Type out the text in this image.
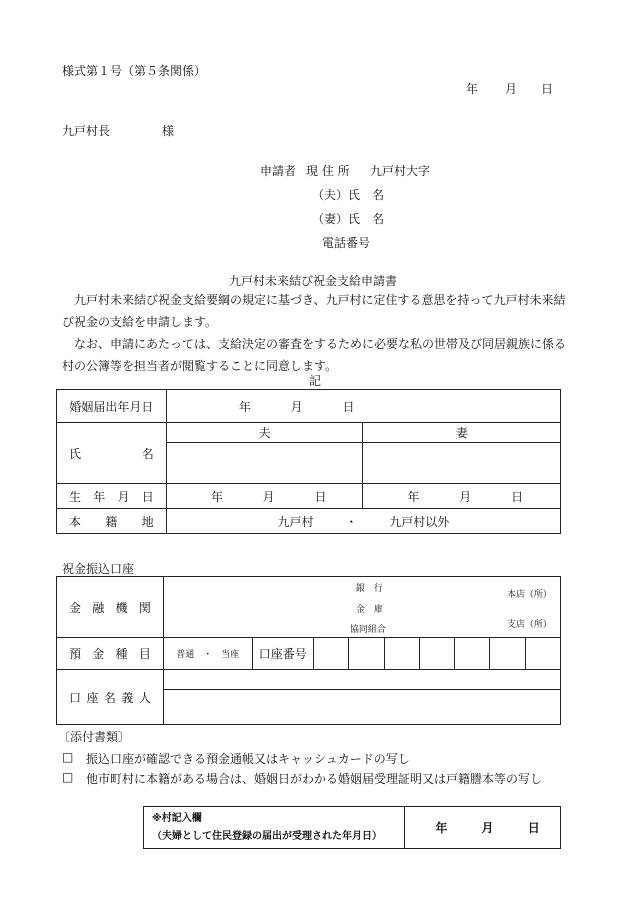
様式第１号（第５条関係）
年 月 日
九戸村長	様
申請者 現 住 所 九戸村大字
（夫）氏　名
（妻）氏　名
電話番号
九戸村未来結び祝金支給申請書
九戸村未来結び祝金支給要綱の規定に基づき、九戸村に定住する意思を持って九戸村未来結び祝金の支給を申請します。
なお、申請にあたっては、支給決定の審査をするために必要な私の世帯及び同居親族に係る村の公簿等を担当者が閲覧することに同意します。
記
婚姻届出年月日	年 月 日	
氏　名	夫	妻

生年月日	年 月 日	年 月 日
本籍地	九戸村 ・ 九戸村以外	
祝金振込口座
金融機関	銀　行
金　庫
協同組合
本店（所）
支店（所）								

預金種目	普通 ・ 当座	口座番号							
口座名義人									

〔添付書類〕
□ 振込口座が確認できる預金通帳又はキャッシュカードの写し
□ 他市町村に本籍がある場合は、婚姻日がわかる婚姻届受理証明又は戸籍謄本等の写し
※村記入欄
（夫婦として住民登録の届出が受理された年月日）
	年	月	日
